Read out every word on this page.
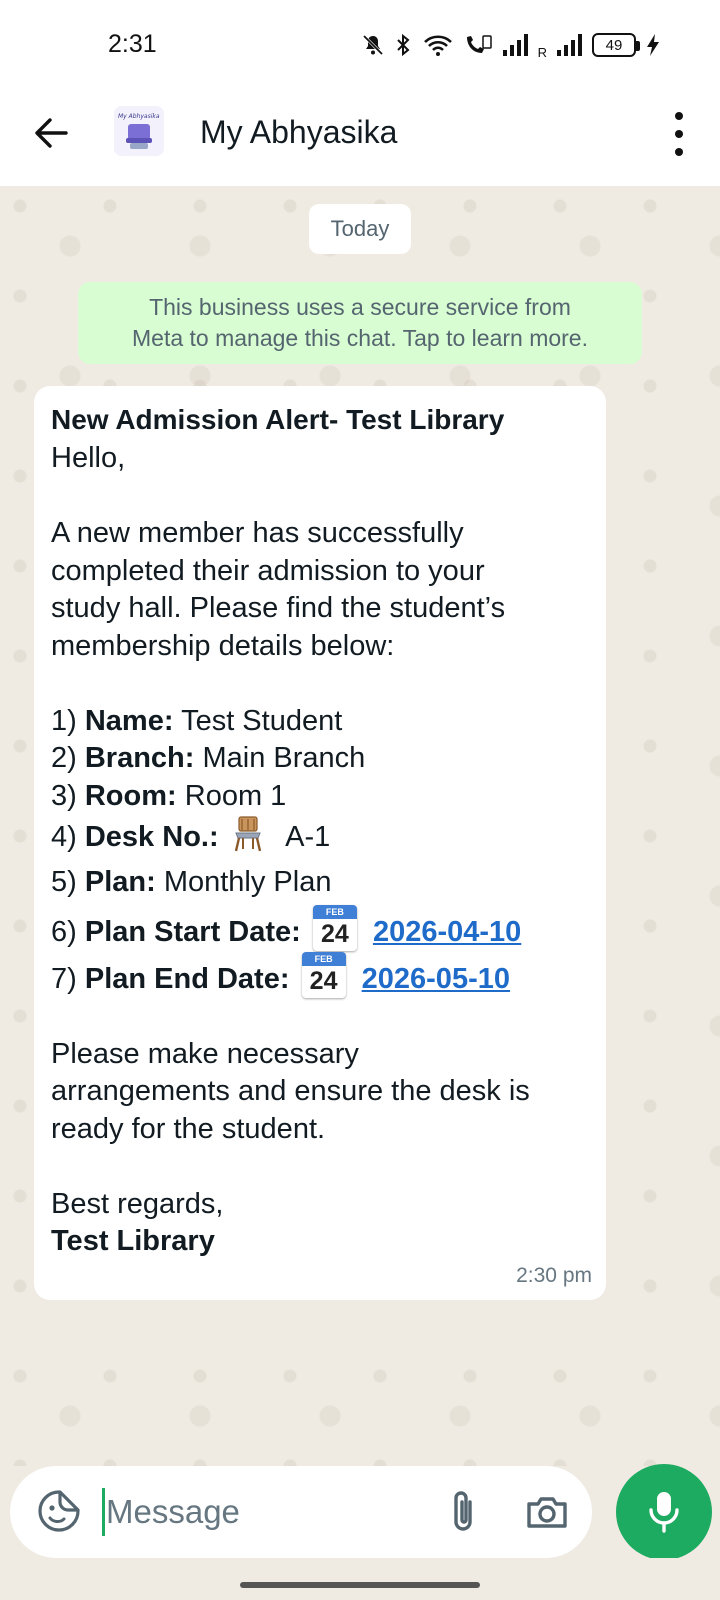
2:31	R	49
My Abhyasika My Abhyasika
Today
This business uses a secure service from
Meta to manage this chat. Tap to learn more.
New Admission Alert- Test Library
Hello,
A new member has successfully
completed their admission to your
study hall. Please find the student’s
membership details below:
1) Name: Test Student
2) Branch: Main Branch
3) Room: Room 1
4) Desk No.: A-1
5) Plan: Monthly Plan
6) Plan Start Date:
FEB
24 2026-04-10
7) Plan End Date:
FEB
24 2026-05-10
Please make necessary
arrangements and ensure the desk is
ready for the student.
Best regards,
Test Library
2:30 pm
Message
